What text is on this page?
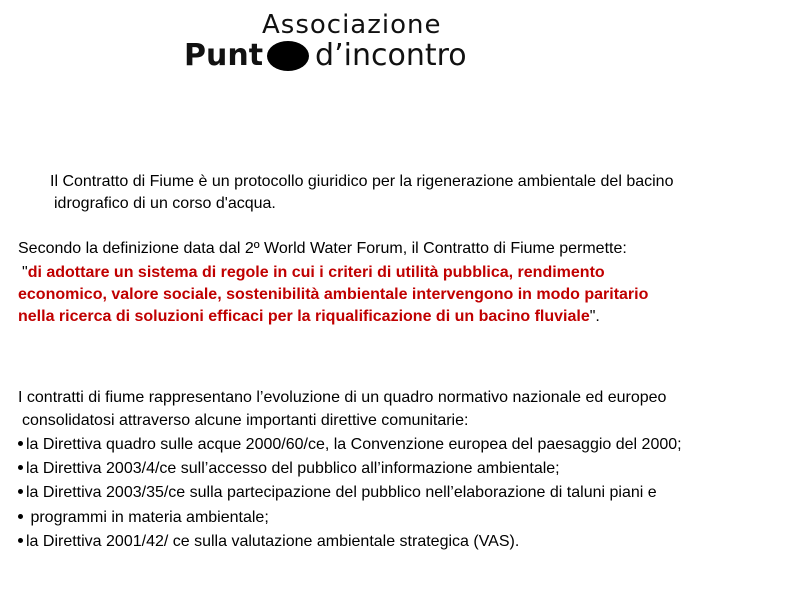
Associazione
Punt d’incontro
Il Contratto di Fiume è un protocollo giuridico per la rigenerazione ambientale del bacino
idrografico di un corso d'acqua.
Secondo la definizione data dal 2º World Water Forum, il Contratto di Fiume permette:
"di adottare un sistema di regole in cui i criteri di utilità pubblica, rendimento
economico, valore sociale, sostenibilità ambientale intervengono in modo paritario
nella ricerca di soluzioni efficaci per la riqualificazione di un bacino fluviale".
I contratti di fiume rappresentano l’evoluzione di un quadro normativo nazionale ed europeo
consolidatosi attraverso alcune importanti direttive comunitarie:
la Direttiva quadro sulle acque 2000/60/ce, la Convenzione europea del paesaggio del 2000;
la Direttiva 2003/4/ce sull’accesso del pubblico all’informazione ambientale;
la Direttiva 2003/35/ce sulla partecipazione del pubblico nell’elaborazione di taluni piani e
programmi in materia ambientale;
la Direttiva 2001/42/ ce sulla valutazione ambientale strategica (VAS).
